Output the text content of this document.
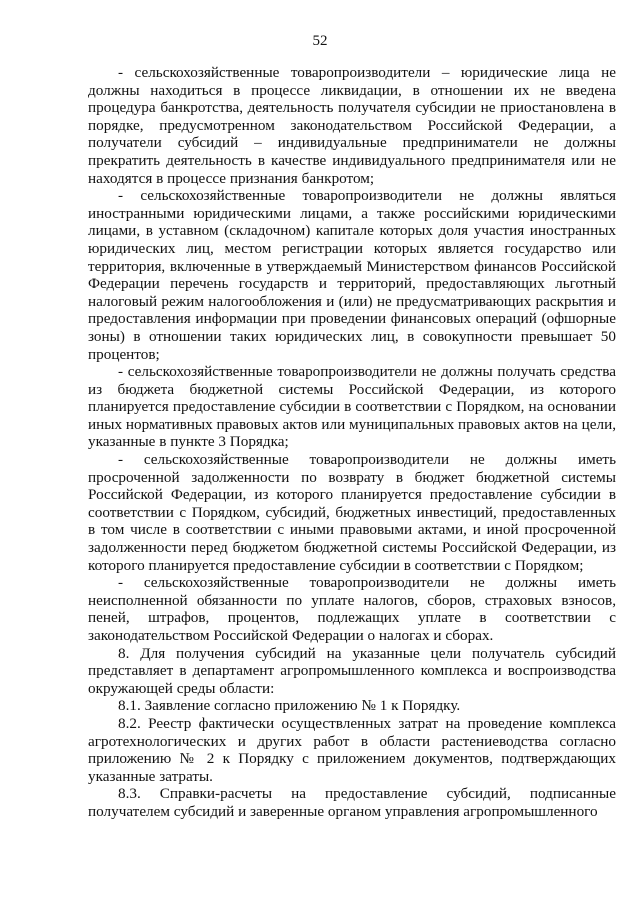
52

- сельскохозяйственные товаропроизводители – юридические лица не должны находиться в процессе ликвидации, в отношении их не введена процедура банкротства, деятельность получателя субсидии не приостановлена в порядке, предусмотренном законодательством Российской Федерации, а получатели субсидий – индивидуальные предприниматели не должны прекратить деятельность в качестве индивидуального предпринимателя или не находятся в процессе признания банкротом;

- сельскохозяйственные товаропроизводители не должны являться иностранными юридическими лицами, а также российскими юридическими лицами, в уставном (складочном) капитале которых доля участия иностранных юридических лиц, местом регистрации которых является государство или территория, включенные в утверждаемый Министерством финансов Российской Федерации перечень государств и территорий, предоставляющих льготный налоговый режим налогообложения и (или) не предусматривающих раскрытия и предоставления информации при проведении финансовых операций (офшорные зоны) в отношении таких юридических лиц, в совокупности превышает 50 процентов;

- сельскохозяйственные товаропроизводители не должны получать средства из бюджета бюджетной системы Российской Федерации, из которого планируется предоставление субсидии в соответствии с Порядком, на основании иных нормативных правовых актов или муниципальных правовых актов на цели, указанные в пункте 3 Порядка;

- сельскохозяйственные товаропроизводители не должны иметь просроченной задолженности по возврату в бюджет бюджетной системы Российской Федерации, из которого планируется предоставление субсидии в соответствии с Порядком, субсидий, бюджетных инвестиций, предоставленных в том числе в соответствии с иными правовыми актами, и иной просроченной задолженности перед бюджетом бюджетной системы Российской Федерации, из которого планируется предоставление субсидии в соответствии с Порядком;

- сельскохозяйственные товаропроизводители не должны иметь неисполненной обязанности по уплате налогов, сборов, страховых взносов, пеней, штрафов, процентов, подлежащих уплате в соответствии с законодательством Российской Федерации о налогах и сборах.

8. Для получения субсидий на указанные цели получатель субсидий представляет в департамент агропромышленного комплекса и воспроизводства окружающей среды области:

8.1. Заявление согласно приложению № 1 к Порядку.

8.2. Реестр фактически осуществленных затрат на проведение комплекса агротехнологических и других работ в области растениеводства согласно приложению № 2 к Порядку с приложением документов, подтверждающих указанные затраты.

8.3. Справки-расчеты на предоставление субсидий, подписанные получателем субсидий и заверенные органом управления агропромышленного
